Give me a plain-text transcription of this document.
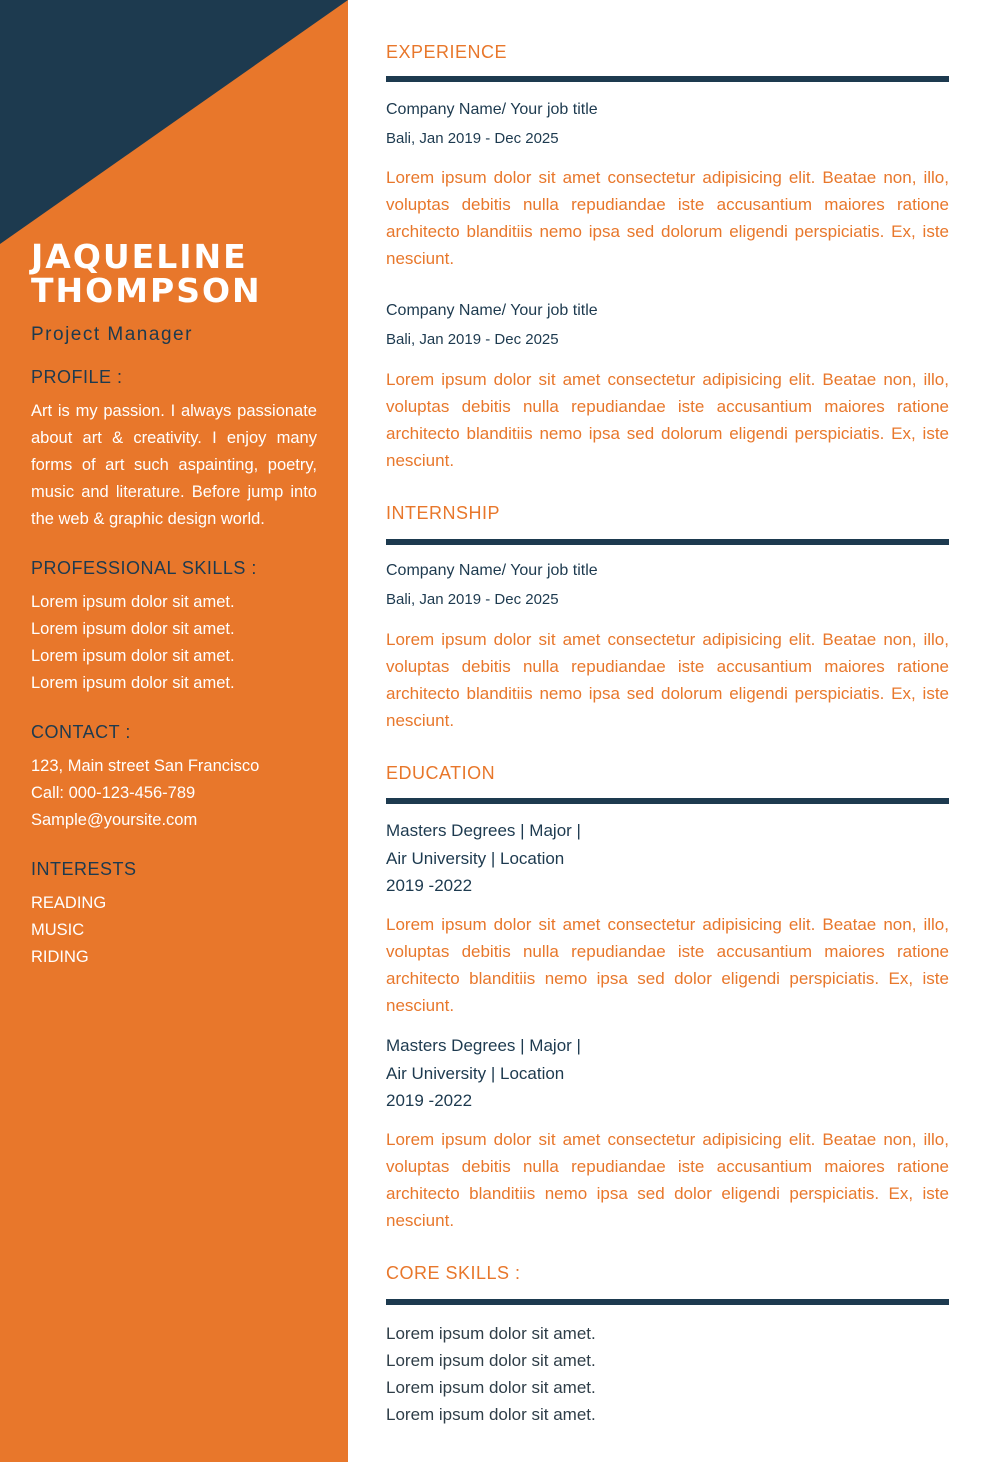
JAQUELINE
THOMPSON
Project Manager
PROFILE :
Art is my passion. I always passionate about art & creativity. I enjoy many forms of art such aspainting, poetry, music and literature. Before jump into the web & graphic design world.
PROFESSIONAL SKILLS :
Lorem ipsum dolor sit amet.
Lorem ipsum dolor sit amet.
Lorem ipsum dolor sit amet.
Lorem ipsum dolor sit amet.
CONTACT :
123, Main street San Francisco
Call: 000-123-456-789
Sample@yoursite.com
INTERESTS
READING
MUSIC
RIDING
EXPERIENCE
Company Name/ Your job title
Bali, Jan 2019 - Dec 2025
Lorem ipsum dolor sit amet consectetur adipisicing elit. Beatae non, illo, voluptas debitis nulla repudiandae iste accusantium maiores ratione architecto blanditiis nemo ipsa sed dolorum eligendi perspiciatis. Ex, iste nesciunt.
Company Name/ Your job title
Bali, Jan 2019 - Dec 2025
Lorem ipsum dolor sit amet consectetur adipisicing elit. Beatae non, illo, voluptas debitis nulla repudiandae iste accusantium maiores ratione architecto blanditiis nemo ipsa sed dolorum eligendi perspiciatis. Ex, iste nesciunt.
INTERNSHIP
Company Name/ Your job title
Bali, Jan 2019 - Dec 2025
Lorem ipsum dolor sit amet consectetur adipisicing elit. Beatae non, illo, voluptas debitis nulla repudiandae iste accusantium maiores ratione architecto blanditiis nemo ipsa sed dolorum eligendi perspiciatis. Ex, iste nesciunt.
EDUCATION
Masters Degrees | Major |
Air University | Location
2019 -2022
Lorem ipsum dolor sit amet consectetur adipisicing elit. Beatae non, illo, voluptas debitis nulla repudiandae iste accusantium maiores ratione architecto blanditiis nemo ipsa sed dolor eligendi perspiciatis. Ex, iste nesciunt.
Masters Degrees | Major |
Air University | Location
2019 -2022
Lorem ipsum dolor sit amet consectetur adipisicing elit. Beatae non, illo, voluptas debitis nulla repudiandae iste accusantium maiores ratione architecto blanditiis nemo ipsa sed dolor eligendi perspiciatis. Ex, iste nesciunt.
CORE SKILLS :
Lorem ipsum dolor sit amet.
Lorem ipsum dolor sit amet.
Lorem ipsum dolor sit amet.
Lorem ipsum dolor sit amet.
